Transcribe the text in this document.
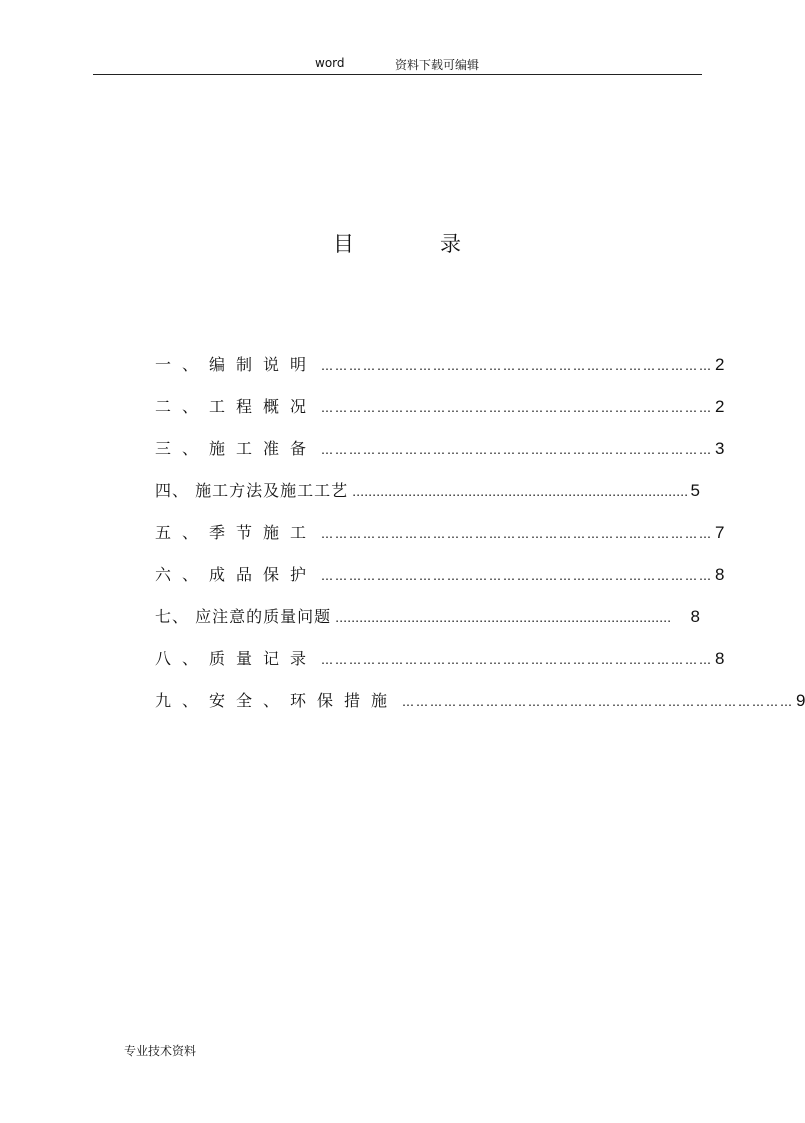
word	资料下载可编辑
目	录
一、编制说明 ………………………………………………………………………… 2
二、工程概况 ………………………………………………………………………… 2
三、施工准备 ………………………………………………………………………… 3
四、 施工方法及施工工艺 ………………………………………………………………………… 5
五、季节施工 ………………………………………………………………………… 7
六、成品保护 ………………………………………………………………………… 8
七、 应注意的质量问题 …………………………………………………………………………	8
八、质量记录 ………………………………………………………………………… 8
九、安全、环保措施 ………………………………………………………………………… 9
专业技术资料
